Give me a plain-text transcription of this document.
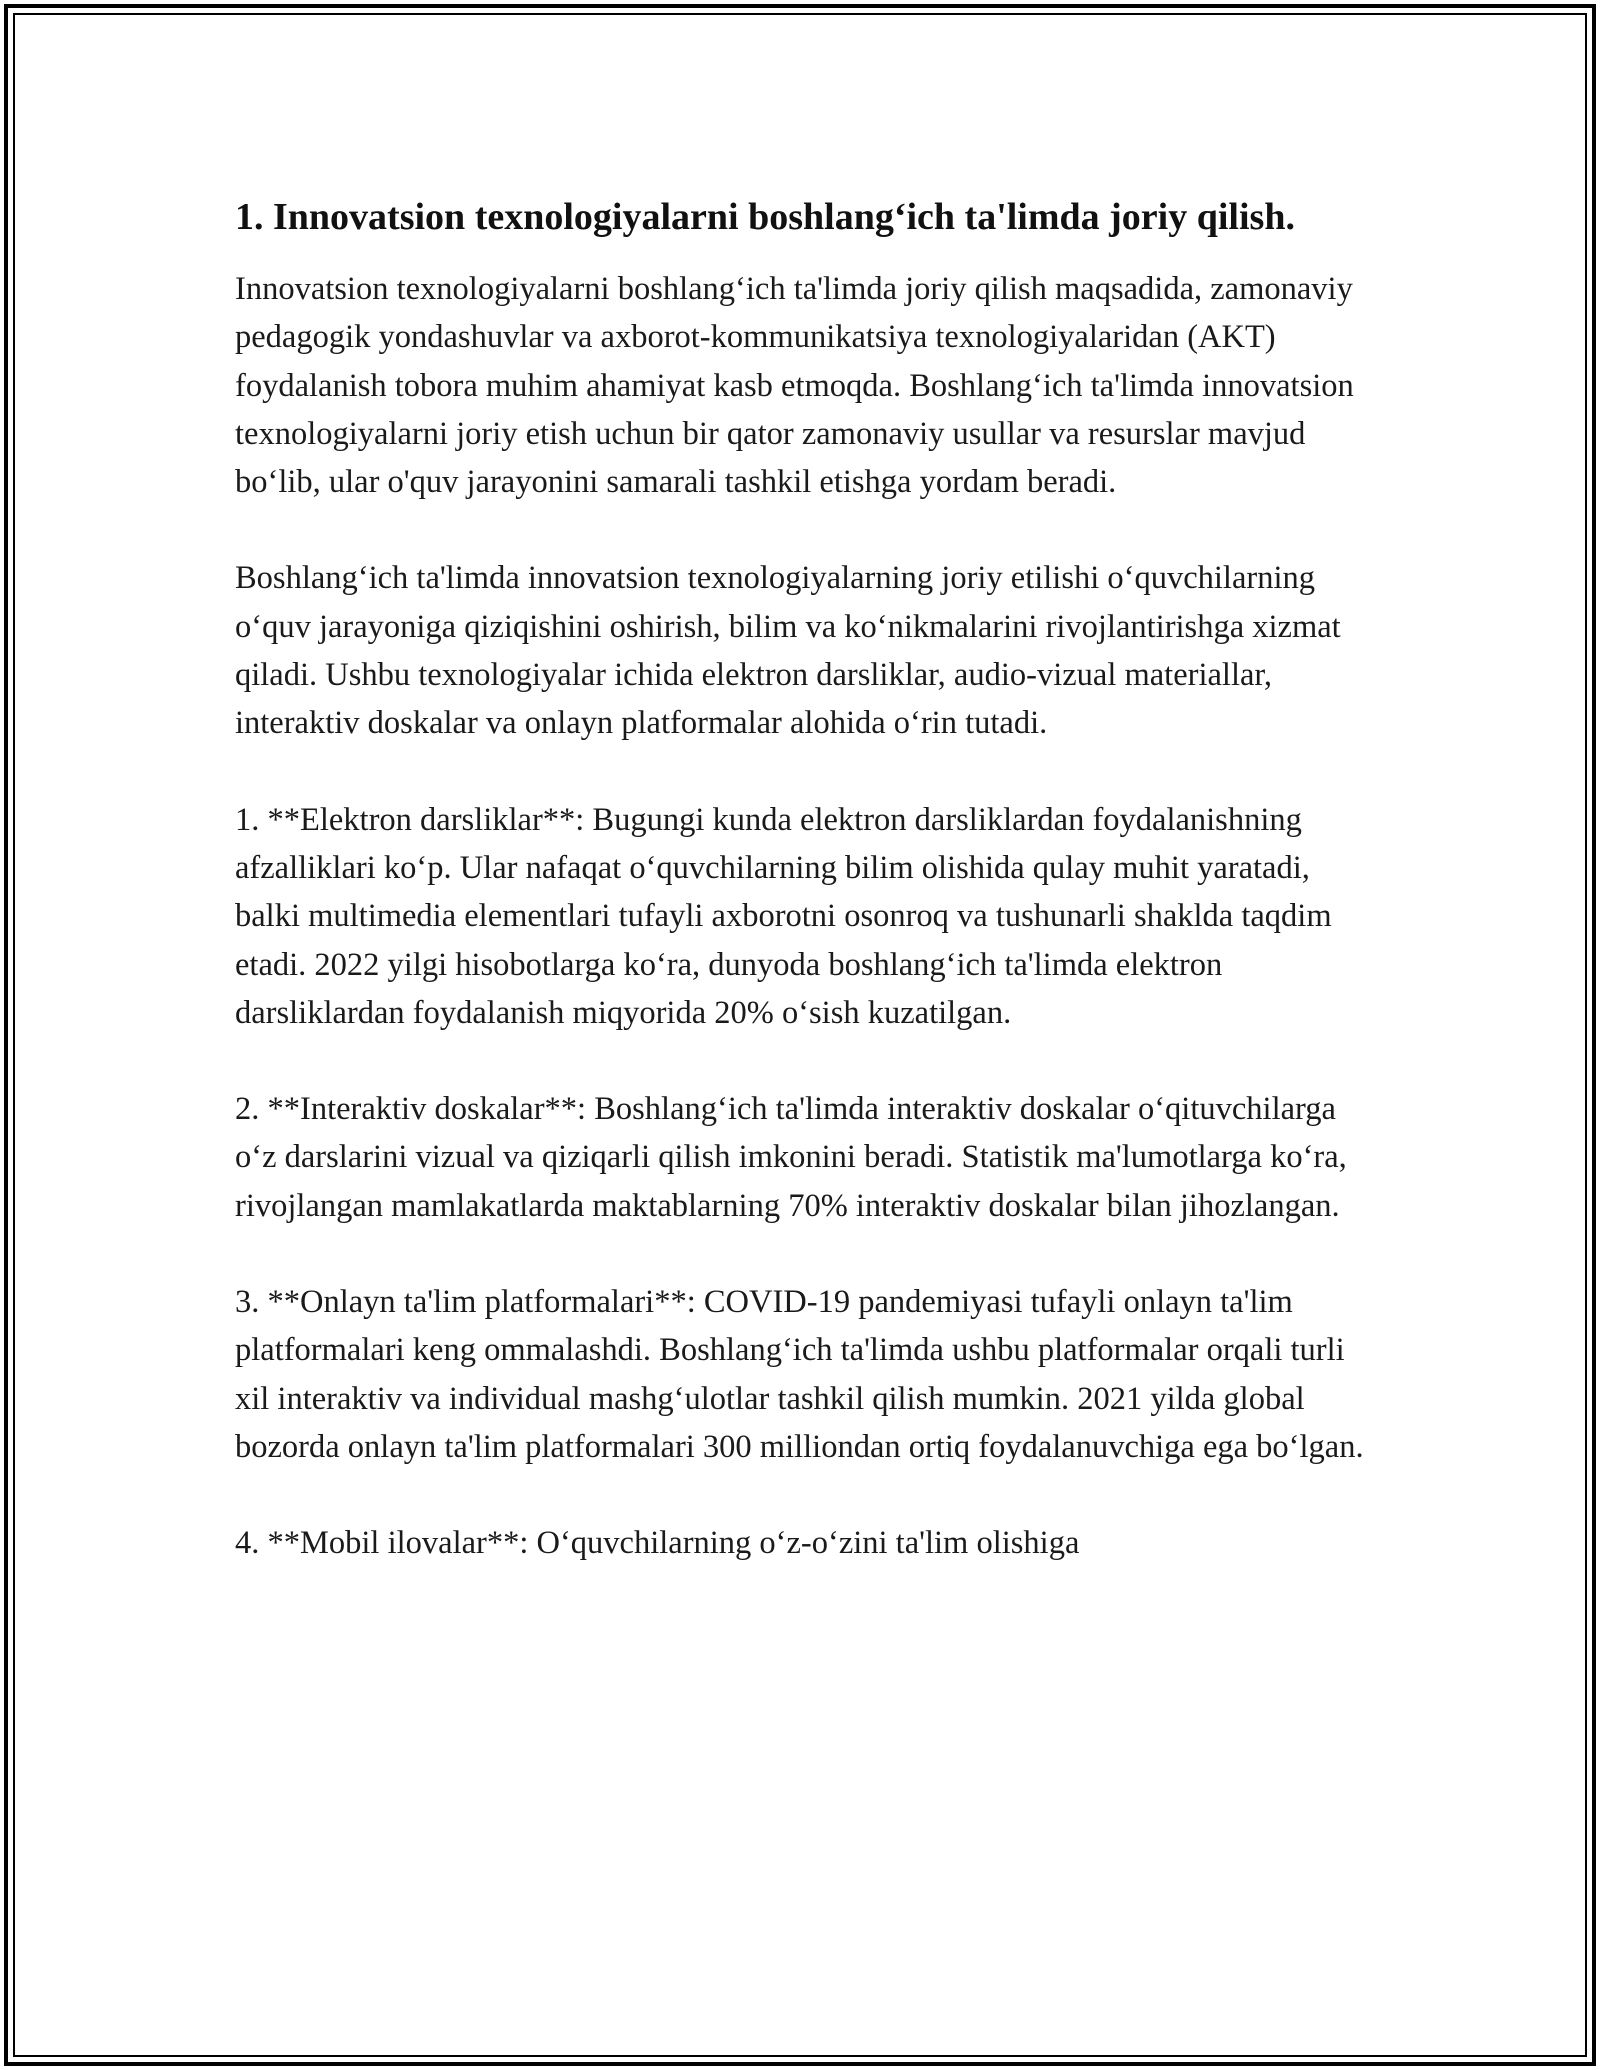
1. Innovatsion texnologiyalarni boshlang‘ich ta'limda joriy qilish.

Innovatsion texnologiyalarni boshlang‘ich ta'limda joriy qilish maqsadida, zamonaviy pedagogik yondashuvlar va axborot-kommunikatsiya texnologiyalaridan (AKT) foydalanish tobora muhim ahamiyat kasb etmoqda. Boshlang‘ich ta'limda innovatsion texnologiyalarni joriy etish uchun bir qator zamonaviy usullar va resurslar mavjud bo‘lib, ular o'quv jarayonini samarali tashkil etishga yordam beradi.

Boshlang‘ich ta'limda innovatsion texnologiyalarning joriy etilishi o‘quvchilarning o‘quv jarayoniga qiziqishini oshirish, bilim va ko‘nikmalarini rivojlantirishga xizmat qiladi. Ushbu texnologiyalar ichida elektron darsliklar, audio-vizual materiallar, interaktiv doskalar va onlayn platformalar alohida o‘rin tutadi.

1. **Elektron darsliklar**: Bugungi kunda elektron darsliklardan foydalanishning afzalliklari ko‘p. Ular nafaqat o‘quvchilarning bilim olishida qulay muhit yaratadi, balki multimedia elementlari tufayli axborotni osonroq va tushunarli shaklda taqdim etadi. 2022 yilgi hisobotlarga ko‘ra, dunyoda boshlang‘ich ta'limda elektron darsliklardan foydalanish miqyorida 20% o‘sish kuzatilgan.

2. **Interaktiv doskalar**: Boshlang‘ich ta'limda interaktiv doskalar o‘qituvchilarga o‘z darslarini vizual va qiziqarli qilish imkonini beradi. Statistik ma'lumotlarga ko‘ra, rivojlangan mamlakatlarda maktablarning 70% interaktiv doskalar bilan jihozlangan.

3. **Onlayn ta'lim platformalari**: COVID-19 pandemiyasi tufayli onlayn ta'lim platformalari keng ommalashdi. Boshlang‘ich ta'limda ushbu platformalar orqali turli xil interaktiv va individual mashg‘ulotlar tashkil qilish mumkin. 2021 yilda global bozorda onlayn ta'lim platformalari 300 milliondan ortiq foydalanuvchiga ega bo‘lgan.

4. **Mobil ilovalar**: O‘quvchilarning o‘z-o‘zini ta'lim olishiga
